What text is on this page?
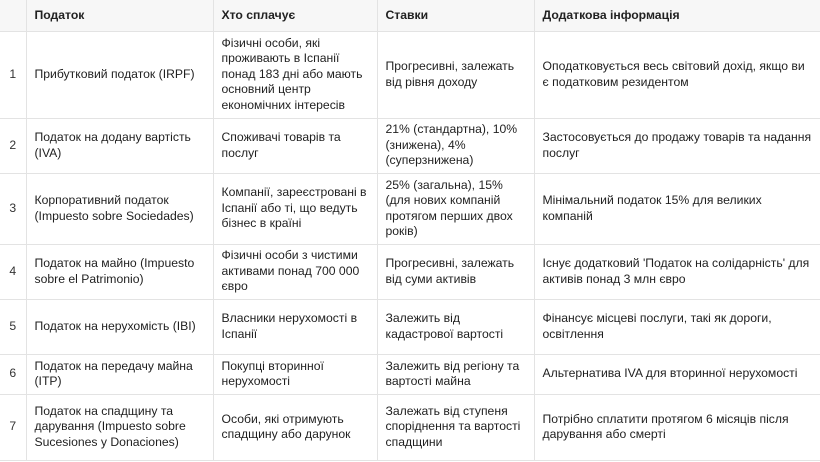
	Податок	Хто сплачує	Ставки	Додаткова інформація
1	Прибутковий податок (IRPF)	Фізичні особи, які проживають в Іспанії понад 183 дні або мають основний центр економічних інтересів	Прогресивні, залежать від рівня доходу	Оподатковується весь світовий дохід, якщо ви є податковим резидентом
2	Податок на додану вартість (IVA)	Споживачі товарів та послуг	21% (стандартна), 10% (знижена), 4% (суперзнижена)	Застосовується до продажу товарів та надання послуг
3	Корпоративний податок (Impuesto sobre Sociedades)	Компанії, зареєстровані в Іспанії або ті, що ведуть бізнес в країні	25% (загальна), 15% (для нових компаній протягом перших двох років)	Мінімальний податок 15% для великих компаній
4	Податок на майно (Impuesto sobre el Patrimonio)	Фізичні особи з чистими активами понад 700 000 євро	Прогресивні, залежать від суми активів	Існує додатковий 'Податок на солідарність' для активів понад 3 млн євро
5	Податок на нерухомість (IBI)	Власники нерухомості в Іспанії	Залежить від кадастрової вартості	Фінансує місцеві послуги, такі як дороги, освітлення
6	Податок на передачу майна (ITP)	Покупці вторинної нерухомості	Залежить від регіону та вартості майна	Альтернатива IVA для вторинної нерухомості
7	Податок на спадщину та дарування (Impuesto sobre Sucesiones y Donaciones)	Особи, які отримують спадщину або дарунок	Залежать від ступеня споріднення та вартості спадщини	Потрібно сплатити протягом 6 місяців після дарування або смерті
